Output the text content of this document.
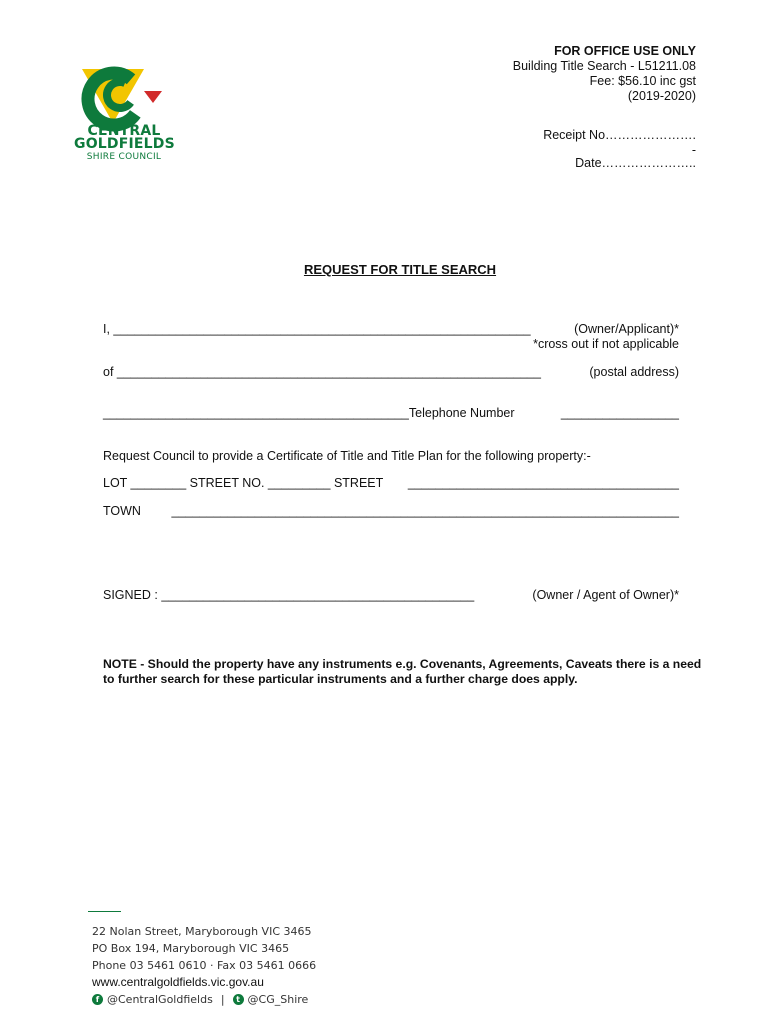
CENTRAL
GOLDFIELDS
SHIRE COUNCIL
FOR OFFICE USE ONLY
Building Title Search - L51211.08
Fee: $56.10 inc gst
(2019-2020)
Receipt No………………….
-
Date…………………..
REQUEST FOR TITLE SEARCH
I, ____________________________________________________________	(Owner/Applicant)*
*cross out if not applicable
of _____________________________________________________________	(postal address)
____________________________________________Telephone Number	_________________
Request Council to provide a Certificate of Title and Title Plan for the following property:-
LOT ________ STREET NO. _________ STREET _______________________________________
TOWN _________________________________________________________________________
SIGNED : _____________________________________________	(Owner / Agent of Owner)*
NOTE - Should the property have any instruments e.g. Covenants, Agreements, Caveats there is a need to further search for these particular instruments and a further charge does apply.
22 Nolan Street, Maryborough VIC 3465
PO Box 194, Maryborough VIC 3465
Phone 03 5461 0610 · Fax 03 5461 0666
www.centralgoldfields.vic.gov.au
f @CentralGoldfields |	t @CG_Shire
